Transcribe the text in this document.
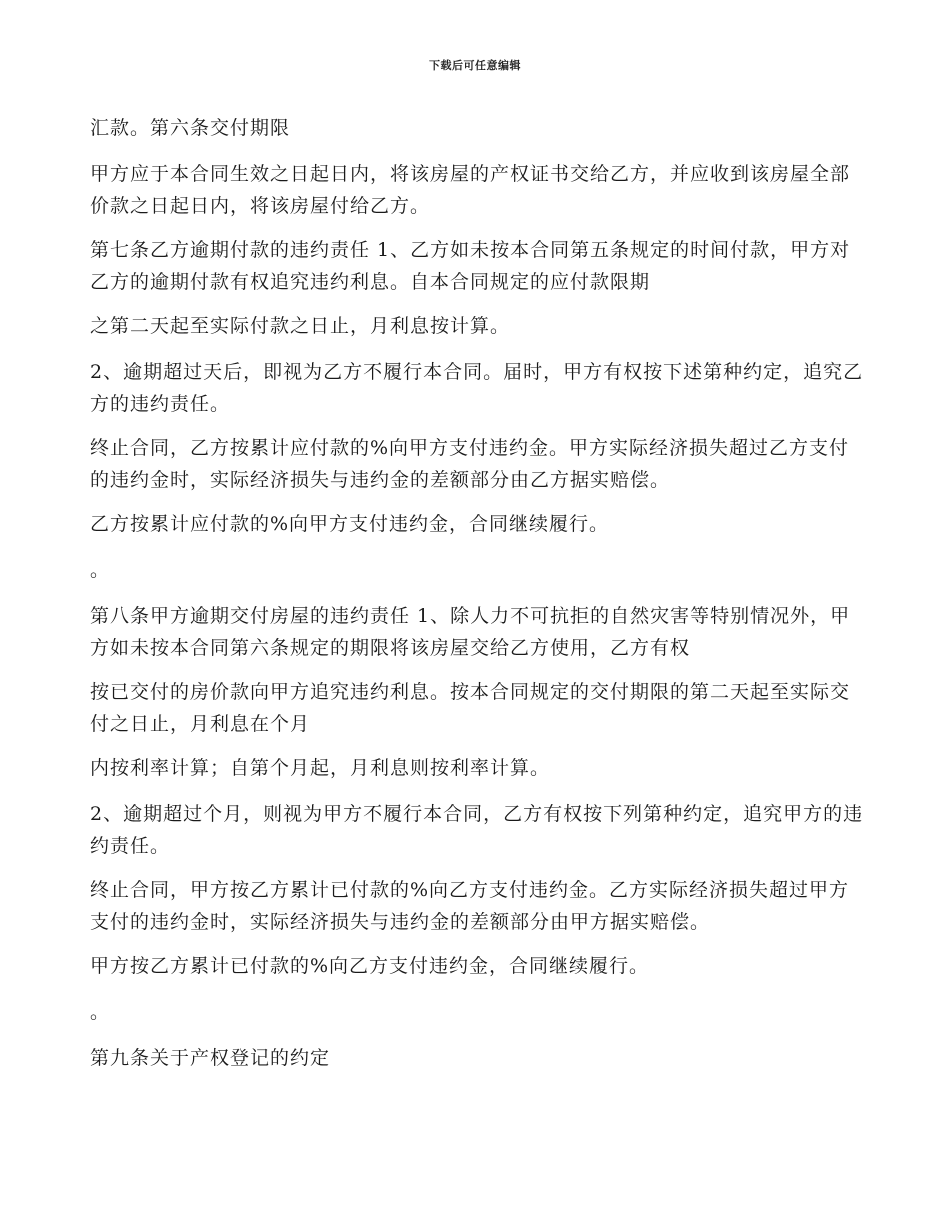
下载后可任意编辑

汇款。第六条交付期限

甲方应于本合同生效之日起日内，将该房屋的产权证书交给乙方，并应收到该房屋全部价款之日起日内，将该房屋付给乙方。

第七条乙方逾期付款的违约责任 1、乙方如未按本合同第五条规定的时间付款，甲方对乙方的逾期付款有权追究违约利息。自本合同规定的应付款限期

之第二天起至实际付款之日止，月利息按计算。

2、逾期超过天后，即视为乙方不履行本合同。届时，甲方有权按下述第种约定，追究乙方的违约责任。

终止合同，乙方按累计应付款的%向甲方支付违约金。甲方实际经济损失超过乙方支付的违约金时，实际经济损失与违约金的差额部分由乙方据实赔偿。

乙方按累计应付款的%向甲方支付违约金，合同继续履行。

。

第八条甲方逾期交付房屋的违约责任 1、除人力不可抗拒的自然灾害等特别情况外，甲方如未按本合同第六条规定的期限将该房屋交给乙方使用，乙方有权

按已交付的房价款向甲方追究违约利息。按本合同规定的交付期限的第二天起至实际交付之日止，月利息在个月

内按利率计算；自第个月起，月利息则按利率计算。

2、逾期超过个月，则视为甲方不履行本合同，乙方有权按下列第种约定，追究甲方的违约责任。

终止合同，甲方按乙方累计已付款的%向乙方支付违约金。乙方实际经济损失超过甲方支付的违约金时，实际经济损失与违约金的差额部分由甲方据实赔偿。

甲方按乙方累计已付款的%向乙方支付违约金，合同继续履行。

。

第九条关于产权登记的约定
